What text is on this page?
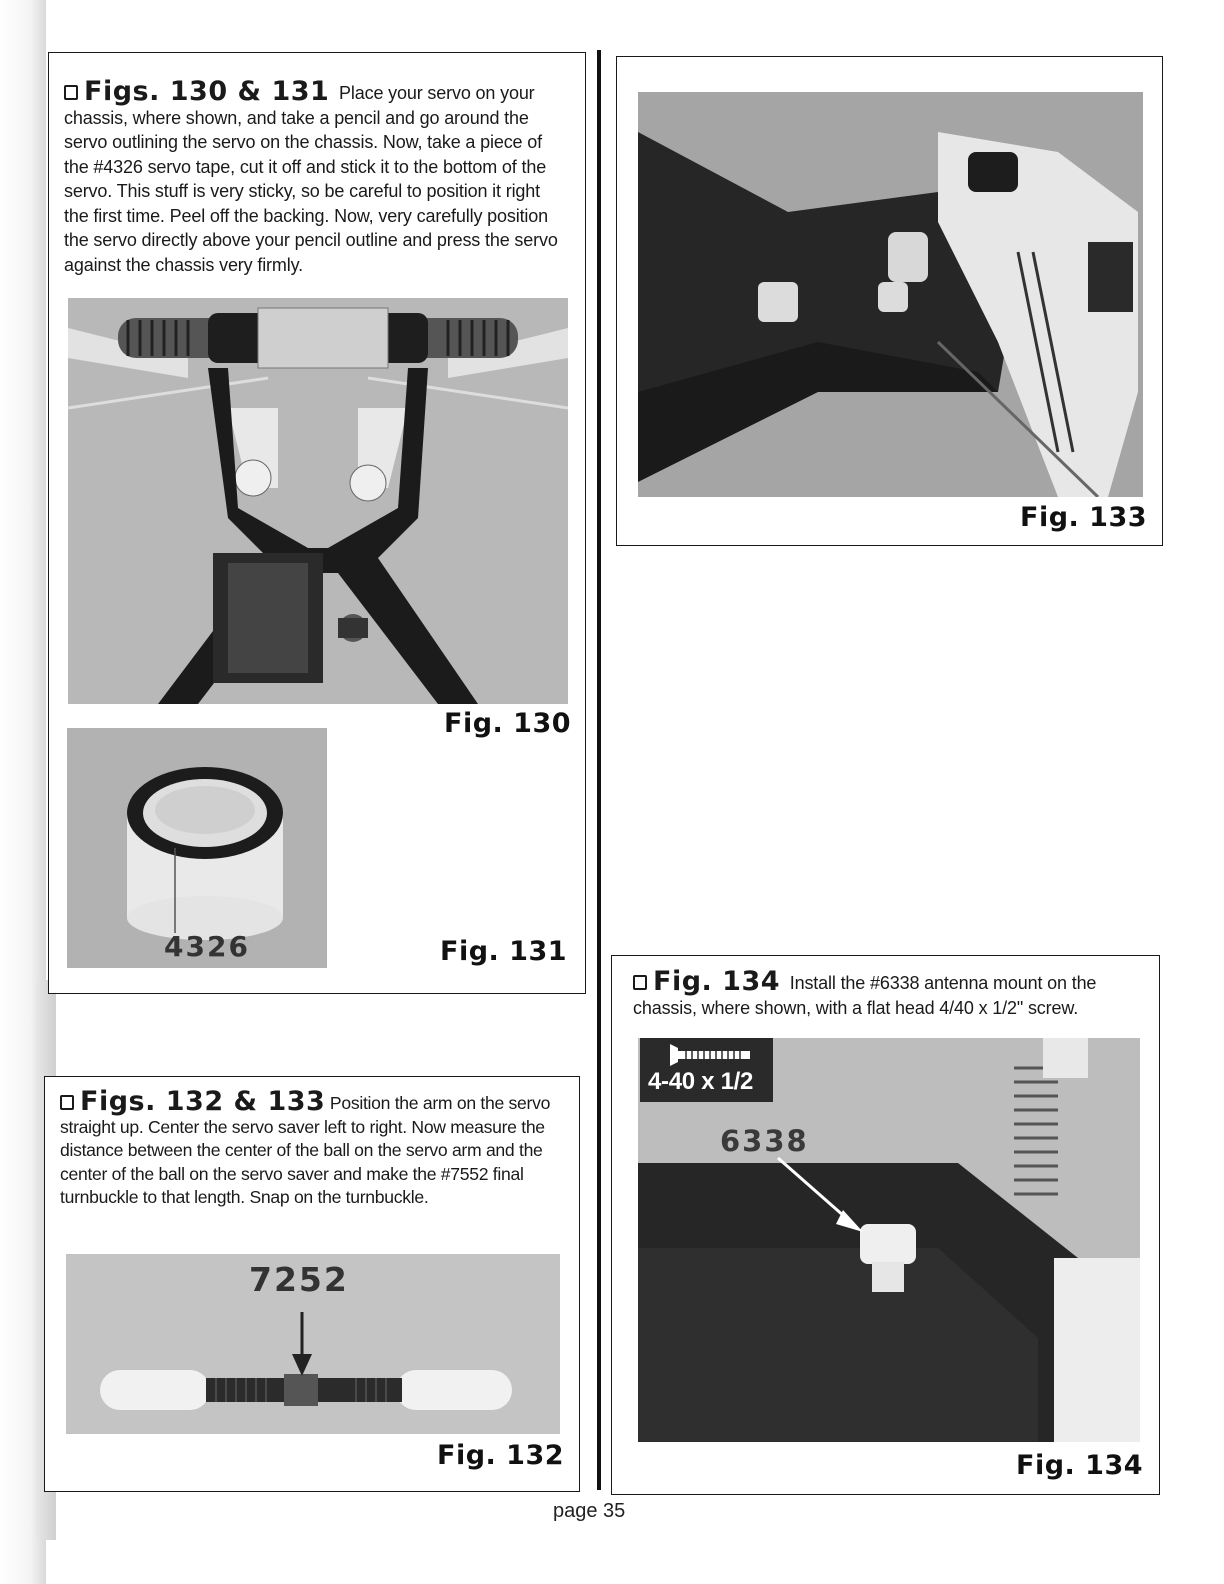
Figs. 130 & 131 Place your servo on your chassis, where shown, and take a pencil and go around the servo outlining the servo on the chassis. Now, take a piece of the #4326 servo tape, cut it off and stick it to the bottom of the servo. This stuff is very sticky, so be careful to position it right the first time. Peel off the backing. Now, very carefully position the servo directly above your pencil outline and press the servo against the chassis very firmly.
Fig. 130
4326	Fig. 131
Fig. 133
Figs. 132 & 133 Position the arm on the servo straight up. Center the servo saver left to right. Now measure the distance between the center of the ball on the servo arm and the center of the ball on the servo saver and make the #7552 final turnbuckle to that length. Snap on the turnbuckle.
7252
Fig. 132
Fig. 134 Install the #6338 antenna mount on the chassis, where shown, with a flat head 4/40 x 1/2" screw.
4-40 x 1/2
6338
Fig. 134
page 35
